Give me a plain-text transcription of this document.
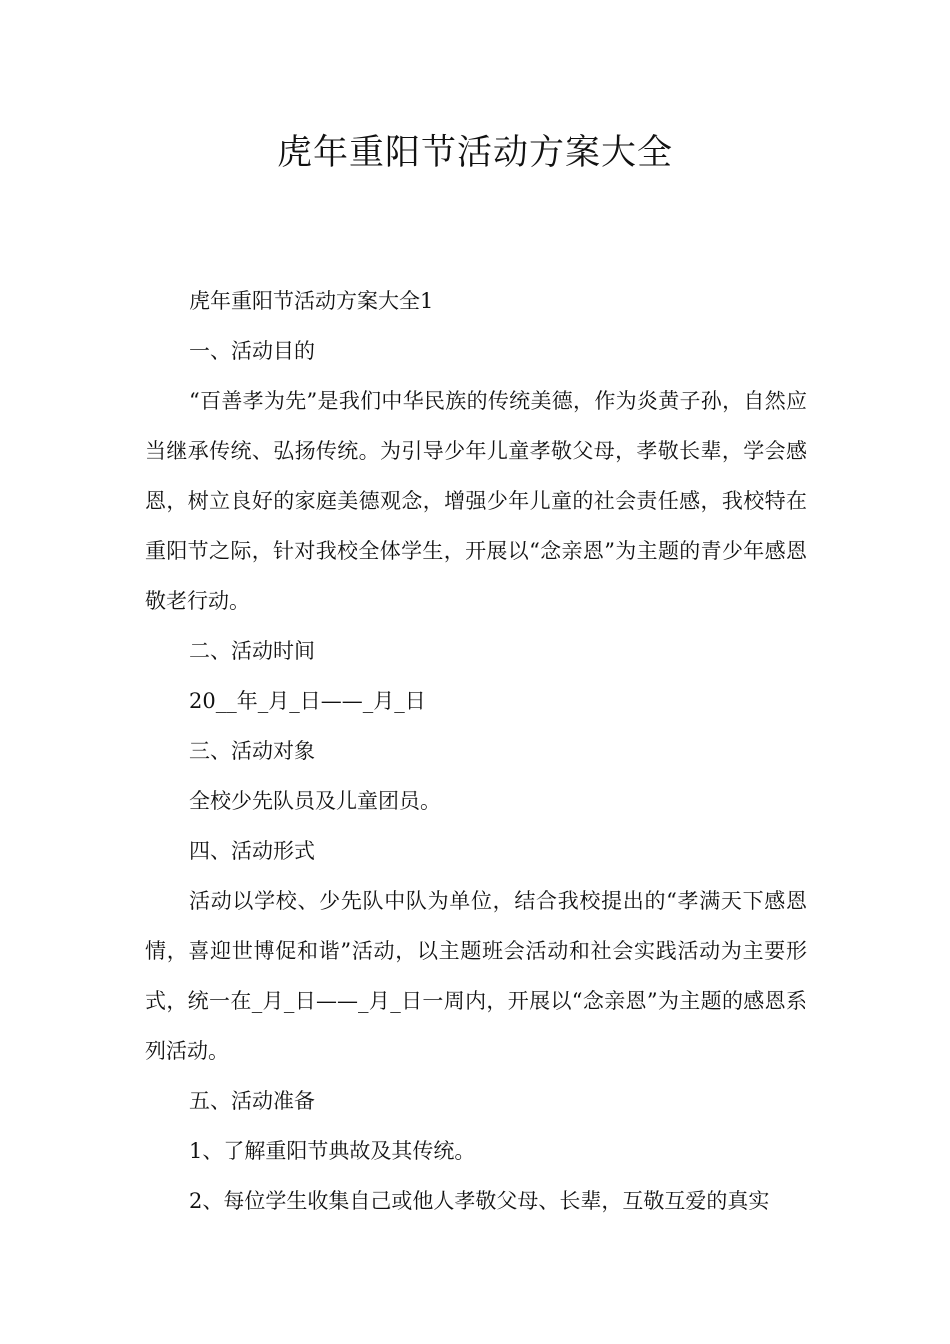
虎年重阳节活动方案大全

虎年重阳节活动方案大全1

一、活动目的

“百善孝为先”是我们中华民族的传统美德，作为炎黄子孙，自然应当继承传统、弘扬传统。为引导少年儿童孝敬父母，孝敬长辈，学会感恩，树立良好的家庭美德观念，增强少年儿童的社会责任感，我校特在重阳节之际，针对我校全体学生，开展以“念亲恩”为主题的青少年感恩敬老行动。

二、活动时间

20__年_月_日——_月_日

三、活动对象

全校少先队员及儿童团员。

四、活动形式

活动以学校、少先队中队为单位，结合我校提出的“孝满天下感恩情，喜迎世博促和谐”活动，以主题班会活动和社会实践活动为主要形式，统一在_月_日——_月_日一周内，开展以“念亲恩”为主题的感恩系列活动。

五、活动准备

1、了解重阳节典故及其传统。

2、每位学生收集自己或他人孝敬父母、长辈，互敬互爱的真实
